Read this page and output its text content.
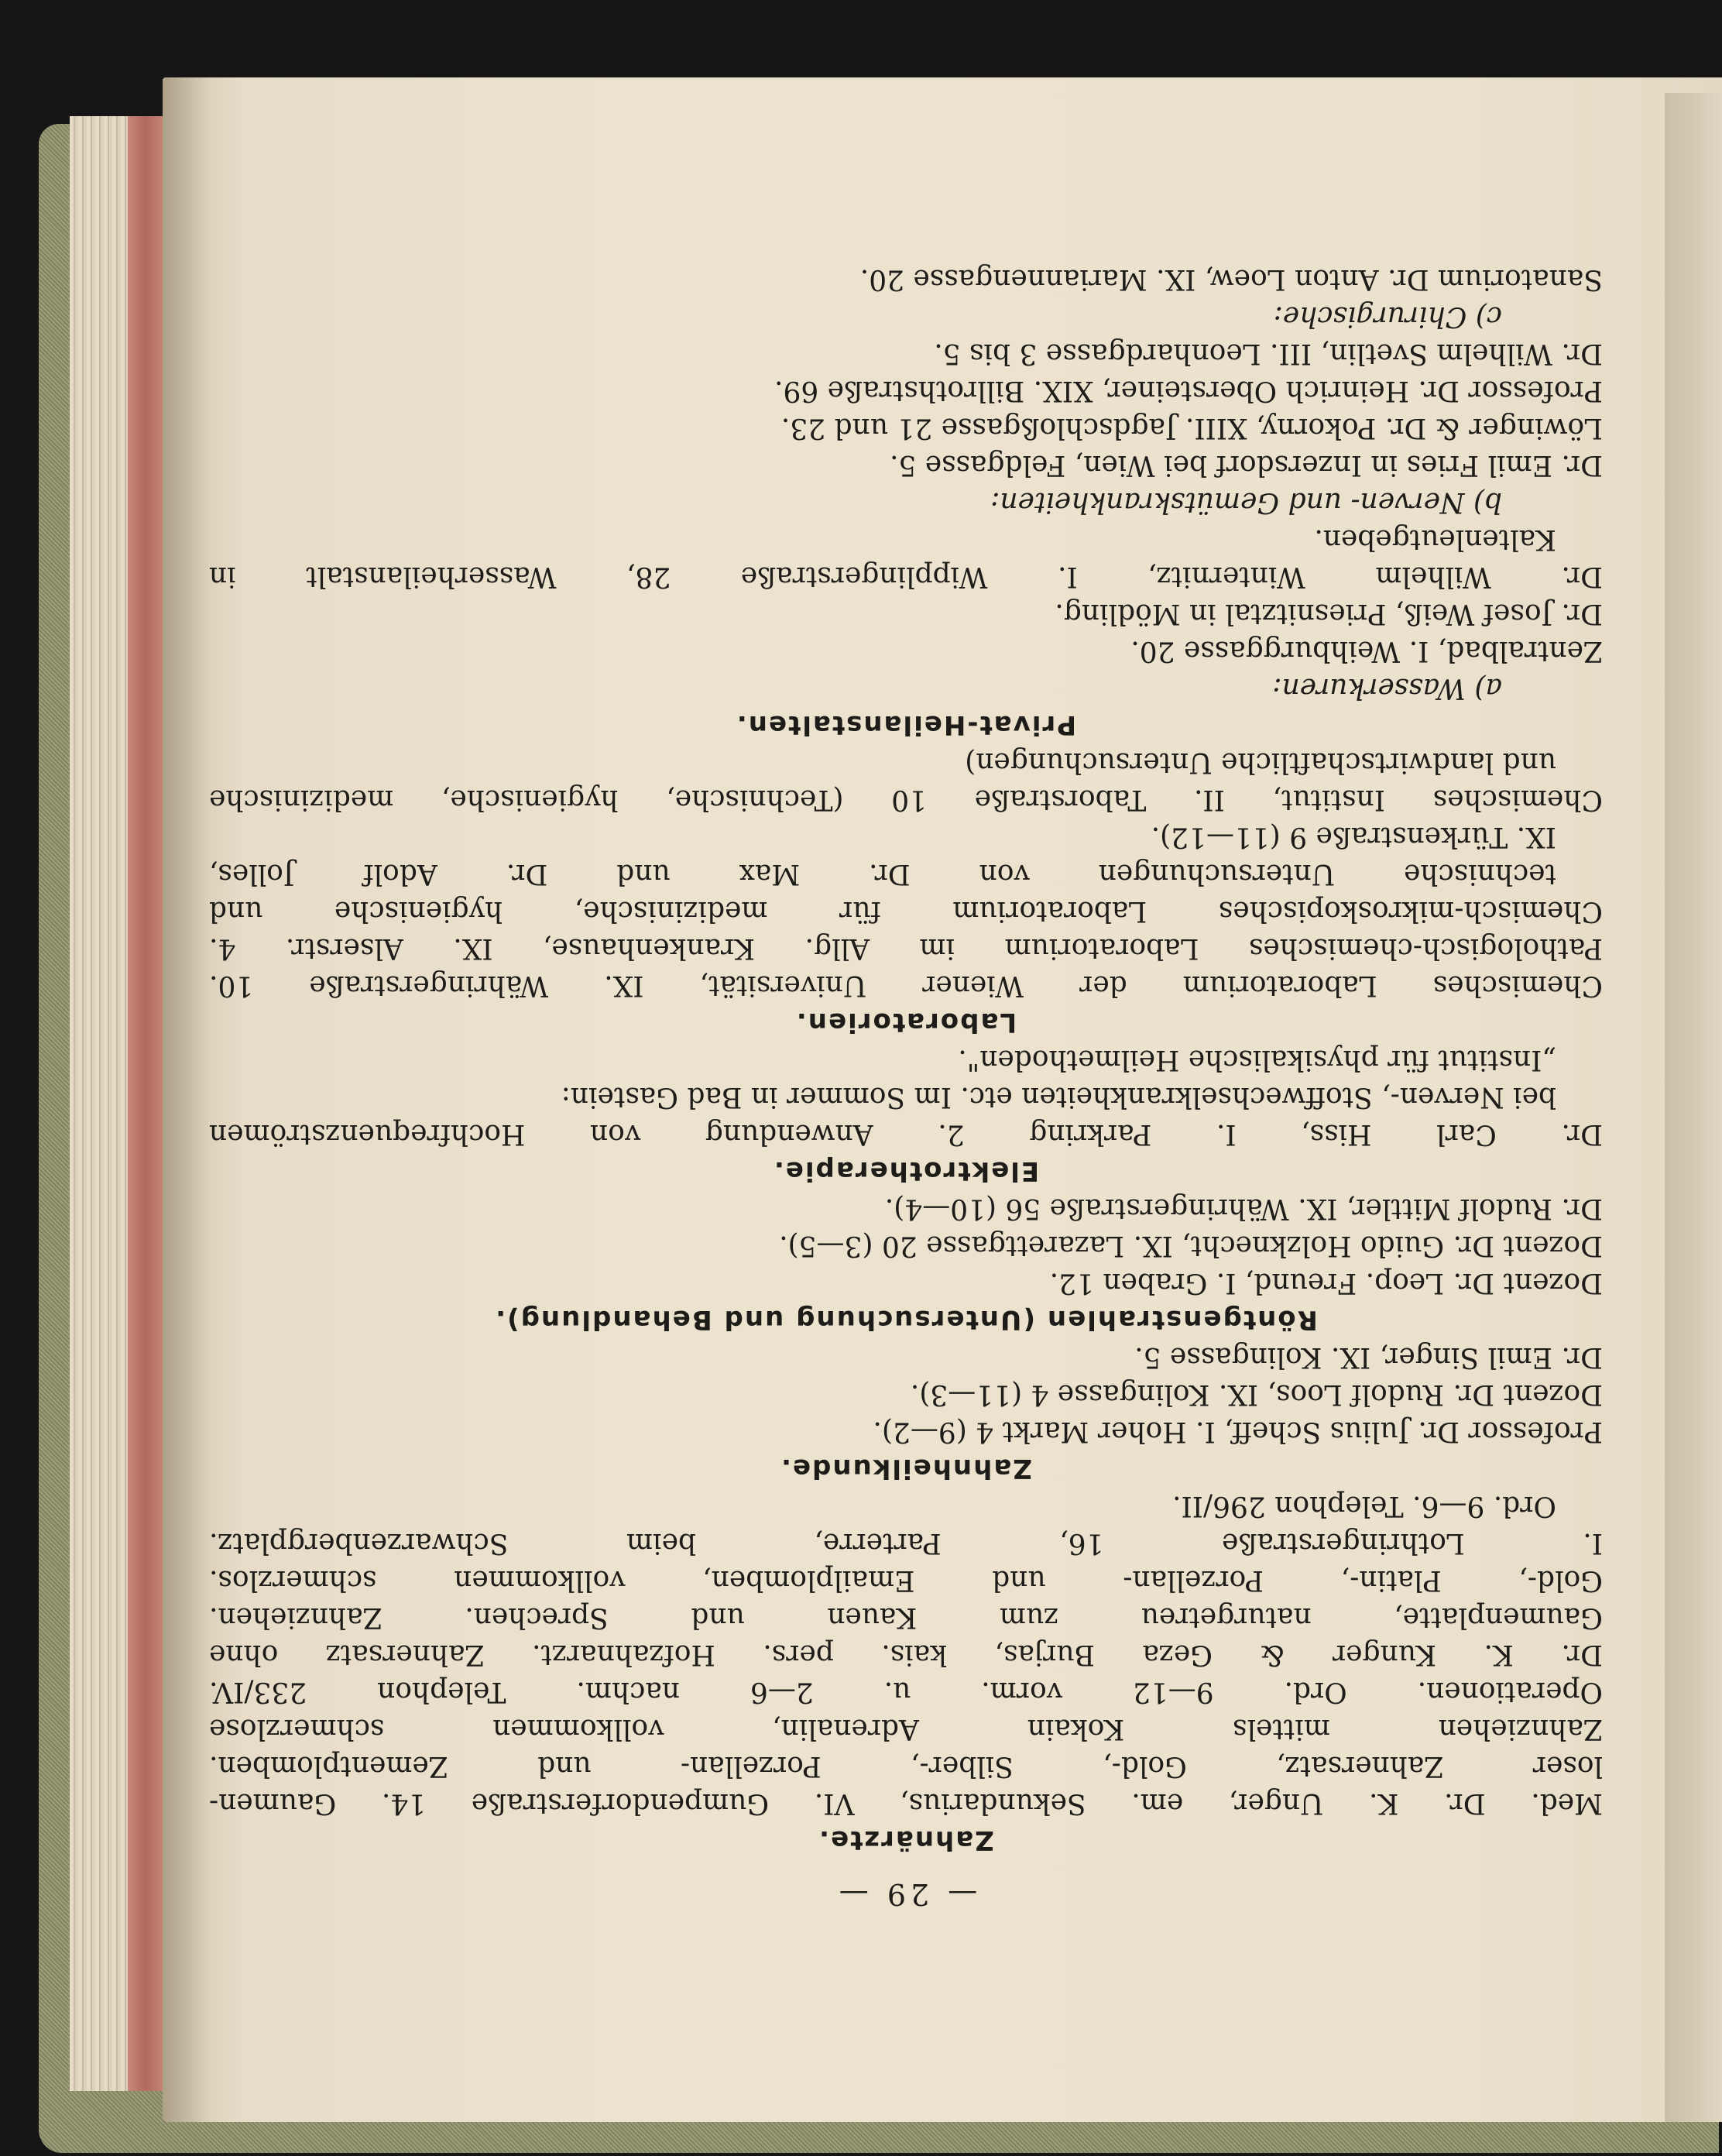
— 29 —
Zahnärzte.
Med. Dr. K. Unger, em. Sekundarius, VI. Gumpendorferstraße 14. Gaumen-
loser Zahnersatz, Gold-, Silber-, Porzellan- und Zementplomben.
Zahnziehen mittels Kokain Adrenalin, vollkommen schmerzlose
Operationen. Ord. 9—12 vorm. u. 2—6 nachm. Telephon 233/IV.
Dr. K. Kunger & Geza Burjas, kais. pers. Hofzahnarzt. Zahnersatz ohne
Gaumenplatte, naturgetreu zum Kauen und Sprechen. Zahnziehen.
Gold-, Platin-, Porzellan- und Emailplomben, vollkommen schmerzlos.
I. Lothringerstraße 16, Parterre, beim Schwarzenbergplatz.
Ord. 9—6. Telephon 296/II.
Zahnheilkunde.
Professor Dr. Julius Scheff, I. Hoher Markt 4 (9—2).
Dozent Dr. Rudolf Loos, IX. Kolingasse 4 (11—3).
Dr. Emil Singer, IX. Kolingasse 5.
Röntgenstrahlen (Untersuchung und Behandlung).
Dozent Dr. Leop. Freund, I. Graben 12.
Dozent Dr. Guido Holzknecht, IX. Lazarettgasse 20 (3—5).
Dr. Rudolf Mittler, IX. Währingerstraße 56 (10—4).
Elektrotherapie.
Dr. Carl Hiss, I. Parkring 2. Anwendung von Hochfrequenzströmen
bei Nerven-, Stoffwechselkrankheiten etc. Im Sommer in Bad Gastein:
„Institut für physikalische Heilmethoden".
Laboratorien.
Chemisches Laboratorium der Wiener Universität, IX. Währingerstraße 10.
Pathologisch-chemisches Laboratorium im Allg. Krankenhause, IX. Alserstr. 4.
Chemisch-mikroskopisches Laboratorium für medizinische, hygienische und
technische Untersuchungen von Dr. Max und Dr. Adolf Jolles,
IX. Türkenstraße 9 (11—12).
Chemisches Institut, II. Taborstraße 10 (Technische, hygienische, medizinische
und landwirtschaftliche Untersuchungen)
Privat-Heilanstalten.
a) Wasserkuren:
Zentralbad, I. Weihburggasse 20.
Dr. Josef Weiß, Priesnitztal in Mödling.
Dr. Wilhelm Winternitz, I. Wipplingerstraße 28, Wasserheilanstalt in
Kaltenleutgeben.
b) Nerven- und Gemütskrankheiten:
Dr. Emil Fries in Inzersdorf bei Wien, Feldgasse 5.
Löwinger & Dr. Pokorny, XIII. Jagdschloßgasse 21 und 23.
Professor Dr. Heinrich Obersteiner, XIX. Billrothstraße 69.
Dr. Wilhelm Svetlin, III. Leonhardgasse 3 bis 5.
c) Chirurgische:
Sanatorium Dr. Anton Loew, IX. Mariannengasse 20.
